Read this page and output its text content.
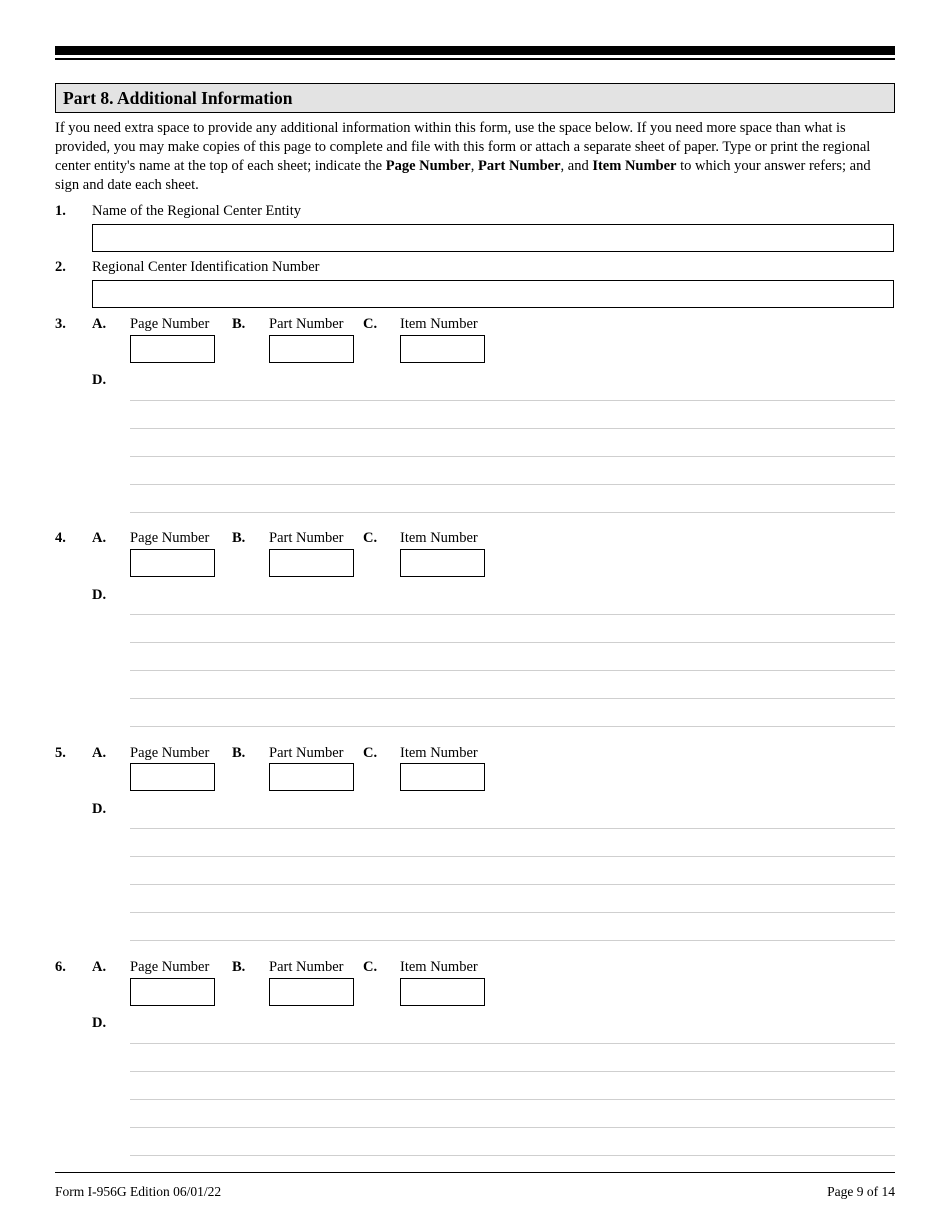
Part 8. Additional Information
If you need extra space to provide any additional information within this form, use the space below. If you need more space than what is provided, you may make copies of this page to complete and file with this form or attach a separate sheet of paper. Type or print the regional center entity's name at the top of each sheet; indicate the Page Number, Part Number, and Item Number to which your answer refers; and sign and date each sheet.
1. Name of the Regional Center Entity
2. Regional Center Identification Number
3. A. Page Number B. Part Number C. Item Number
D.
4. A. Page Number B. Part Number C. Item Number
D.
5. A. Page Number B. Part Number C. Item Number
D.
6. A. Page Number B. Part Number C. Item Number
D.
Form I-956G Edition 06/01/22	Page 9 of 14
